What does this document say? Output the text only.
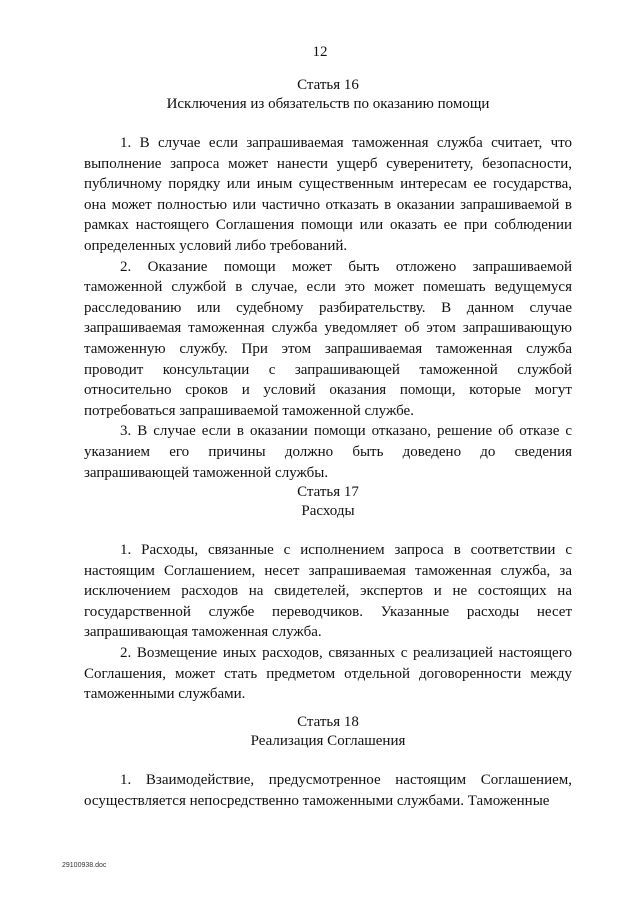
12
Статья 16
Исключения из обязательств по оказанию помощи

1. В случае если запрашиваемая таможенная служба считает, что выполнение запроса может нанести ущерб суверенитету, безопасности, публичному порядку или иным существенным интересам ее государства, она может полностью или частично отказать в оказании запрашиваемой в рамках настоящего Соглашения помощи или оказать ее при соблюдении определенных условий либо требований.

2. Оказание помощи может быть отложено запрашиваемой таможенной службой в случае, если это может помешать ведущемуся расследованию или судебному разбирательству. В данном случае запрашиваемая таможенная служба уведомляет об этом запрашивающую таможенную службу. При этом запрашиваемая таможенная служба проводит консультации с запрашивающей таможенной службой относительно сроков и условий оказания помощи, которые могут потребоваться запрашиваемой таможенной службе.

3. В случае если в оказании помощи отказано, решение об отказе с указанием его причины должно быть доведено до сведения запрашивающей таможенной службы.

Статья 17
Расходы

1. Расходы, связанные с исполнением запроса в соответствии с настоящим Соглашением, несет запрашиваемая таможенная служба, за исключением расходов на свидетелей, экспертов и не состоящих на государственной службе переводчиков. Указанные расходы несет запрашивающая таможенная служба.

2. Возмещение иных расходов, связанных с реализацией настоящего Соглашения, может стать предметом отдельной договоренности между таможенными службами.

Статья 18
Реализация Соглашения

1. Взаимодействие, предусмотренное настоящим Соглашением, осуществляется непосредственно таможенными службами. Таможенные

29100938.doc
